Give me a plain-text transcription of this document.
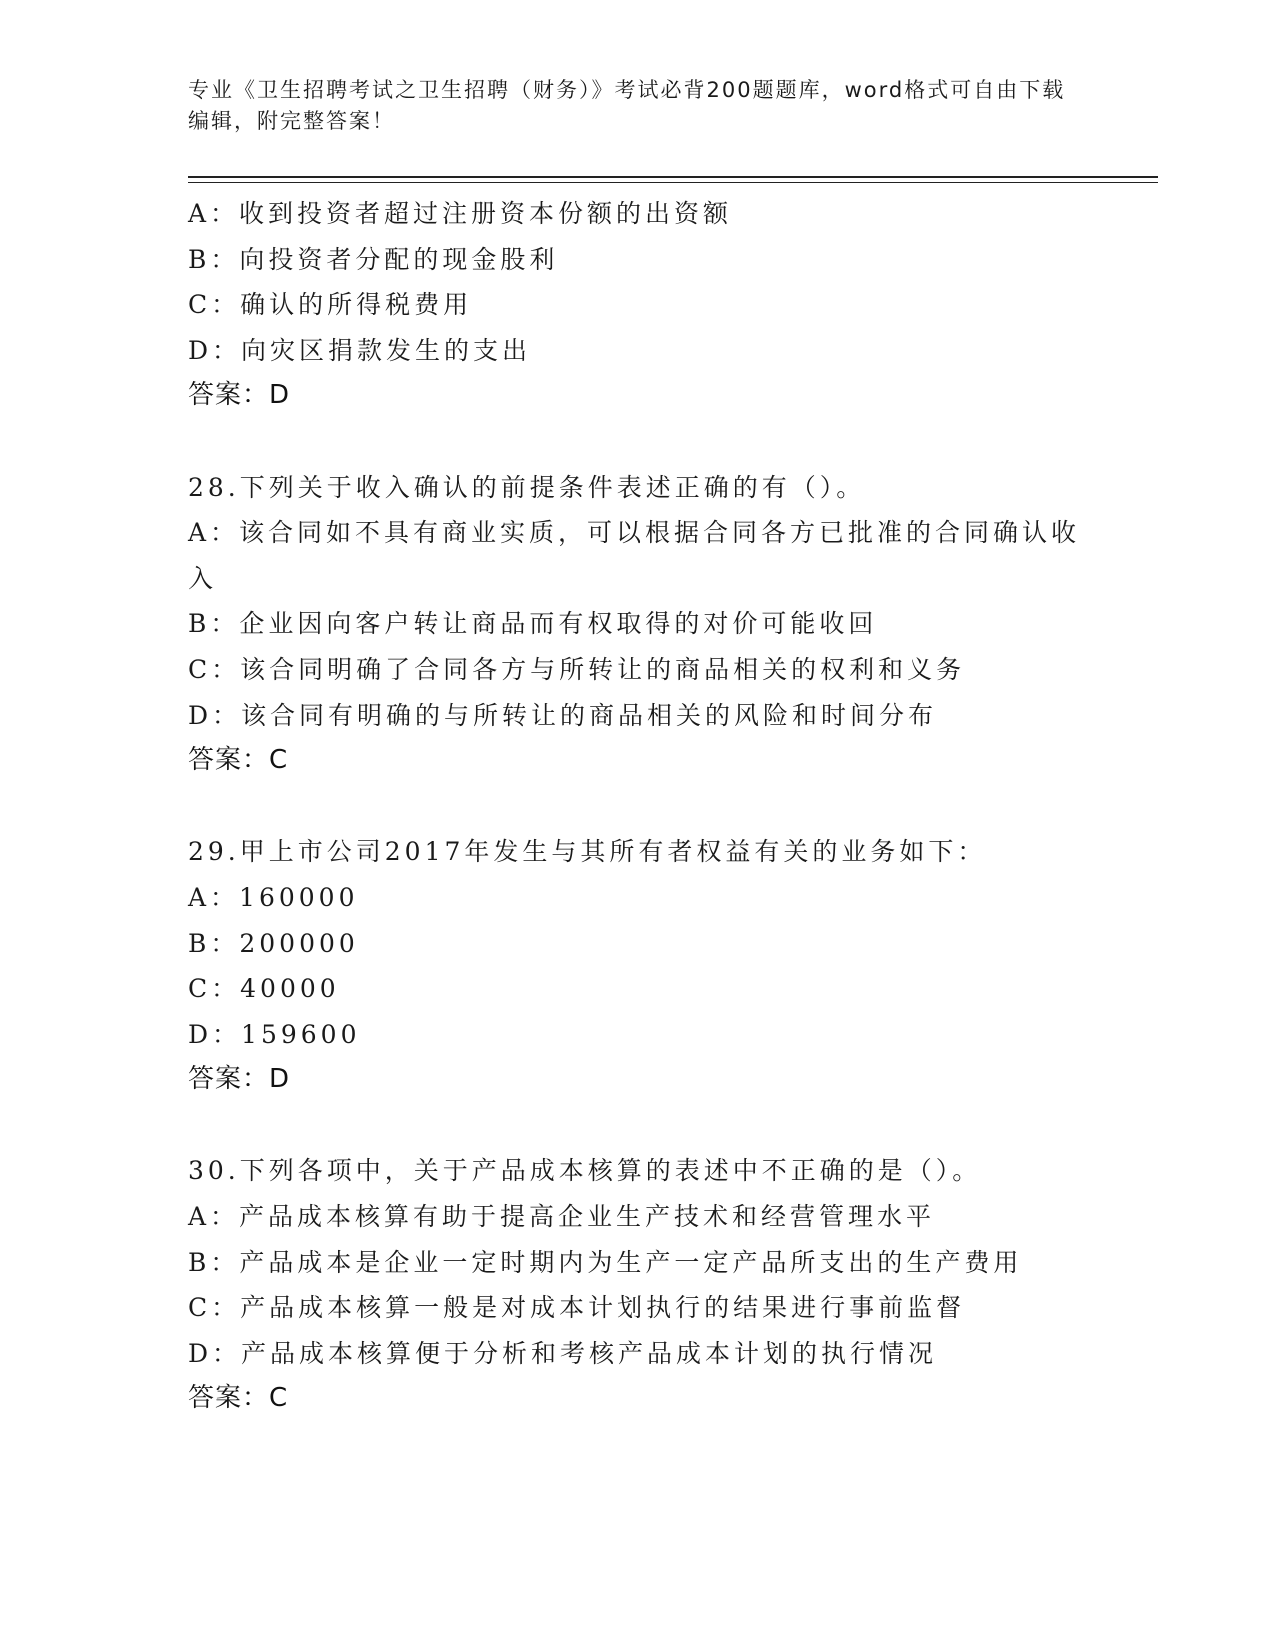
专业《卫生招聘考试之卫生招聘（财务）》考试必背200题题库，word格式可自由下载编辑，附完整答案！
A：收到投资者超过注册资本份额的出资额
B：向投资者分配的现金股利
C：确认的所得税费用
D：向灾区捐款发生的支出
答案：D
28.下列关于收入确认的前提条件表述正确的有（）。
A：该合同如不具有商业实质，可以根据合同各方已批准的合同确认收入
B：企业因向客户转让商品而有权取得的对价可能收回
C：该合同明确了合同各方与所转让的商品相关的权利和义务
D：该合同有明确的与所转让的商品相关的风险和时间分布
答案：C
29.甲上市公司2017年发生与其所有者权益有关的业务如下：
A：160000
B：200000
C：40000
D：159600
答案：D
30.下列各项中，关于产品成本核算的表述中不正确的是（）。
A：产品成本核算有助于提高企业生产技术和经营管理水平
B：产品成本是企业一定时期内为生产一定产品所支出的生产费用
C：产品成本核算一般是对成本计划执行的结果进行事前监督
D：产品成本核算便于分析和考核产品成本计划的执行情况
答案：C
